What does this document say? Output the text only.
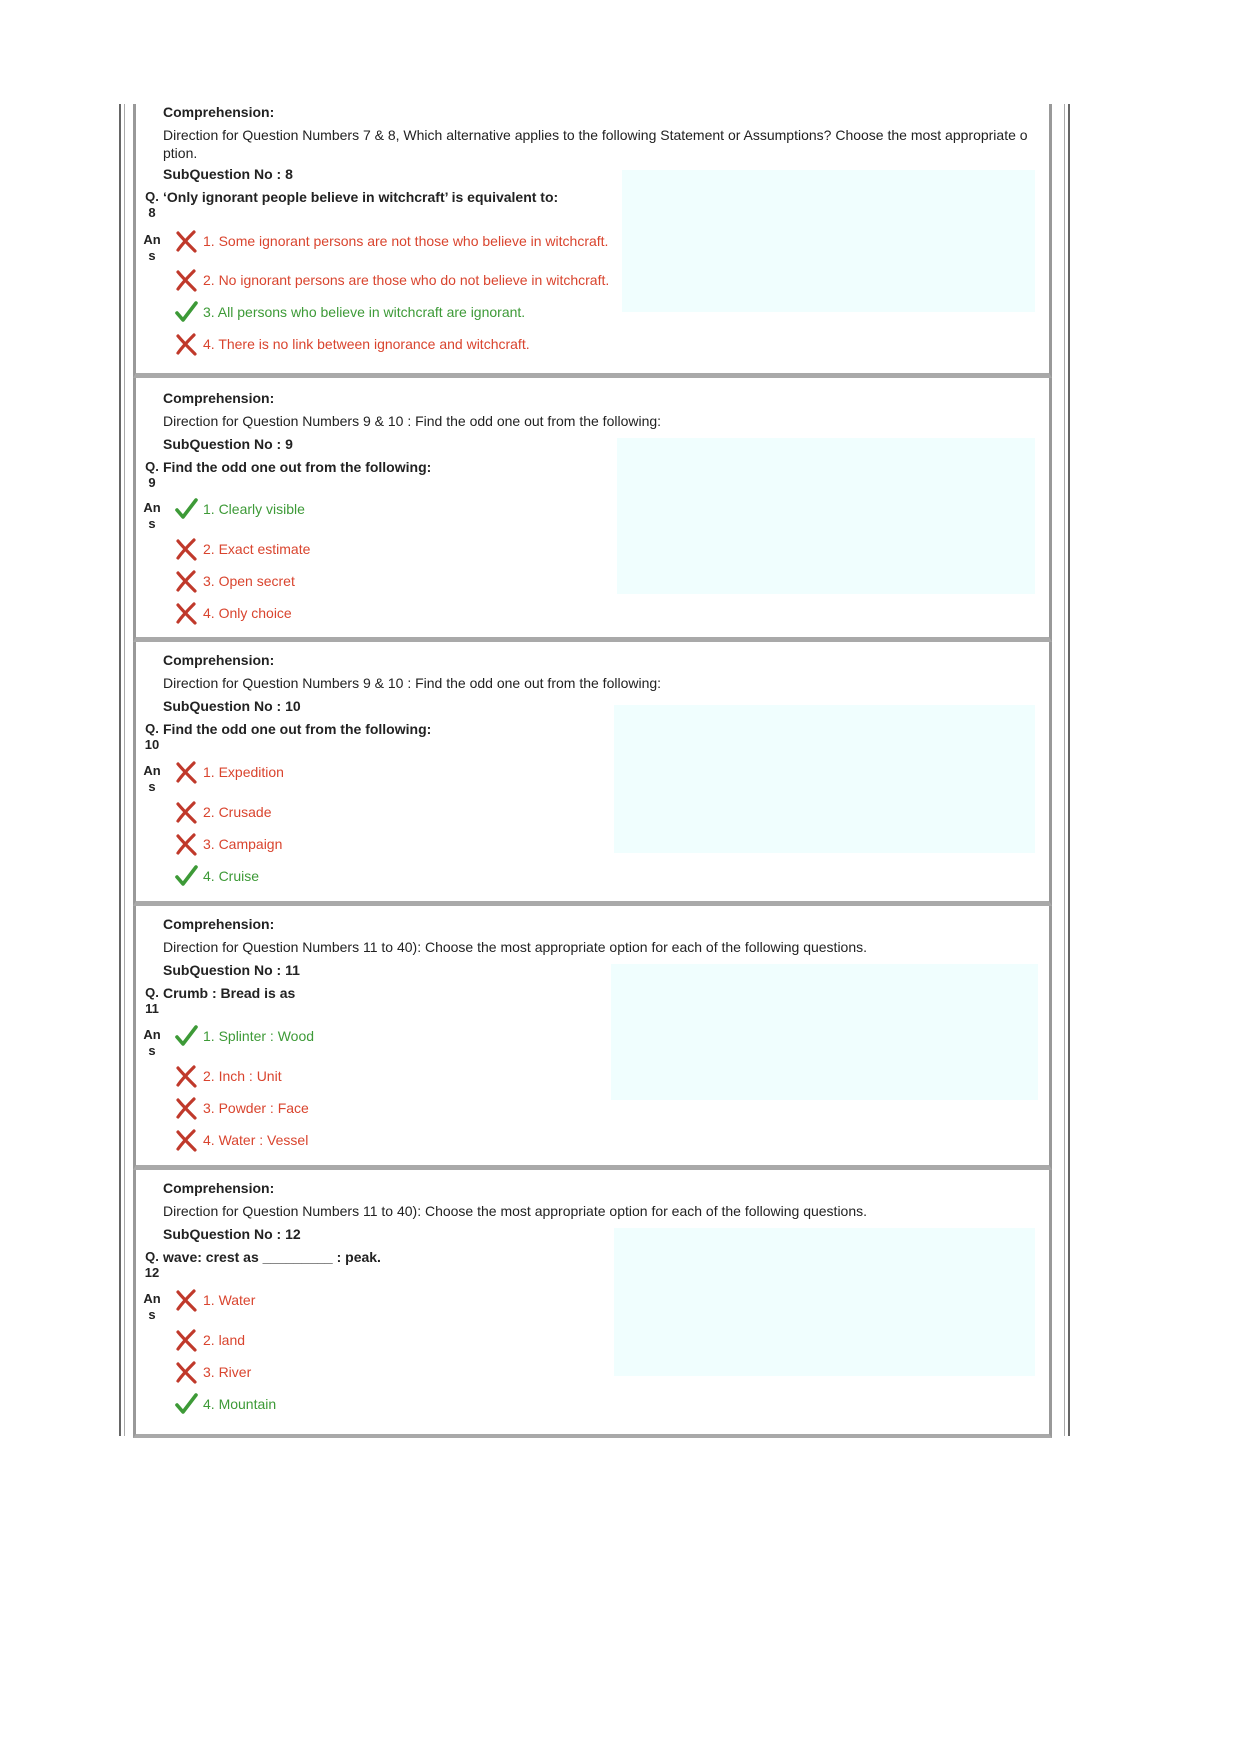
Comprehension:
Direction for Question Numbers 7 & 8, Which alternative applies to the following Statement or Assumptions? Choose the most appropriate o ption.
SubQuestion No : 8
Q.
8
‘Only ignorant people believe in witchcraft’ is equivalent to:
An
s
1. Some ignorant persons are not those who believe in witchcraft.
2. No ignorant persons are those who do not believe in witchcraft.
3. All persons who believe in witchcraft are ignorant.
4. There is no link between ignorance and witchcraft.
Comprehension:
Direction for Question Numbers 9 & 10 : Find the odd one out from the following:
SubQuestion No : 9
Q.
9
Find the odd one out from the following:
An
s
1. Clearly visible
2. Exact estimate
3. Open secret
4. Only choice
Comprehension:
Direction for Question Numbers 9 & 10 : Find the odd one out from the following:
SubQuestion No : 10
Q.
10
Find the odd one out from the following:
An
s
1. Expedition
2. Crusade
3. Campaign
4. Cruise
Comprehension:
Direction for Question Numbers 11 to 40): Choose the most appropriate option for each of the following questions.
SubQuestion No : 11
Q.
11
Crumb : Bread is as
An
s
1. Splinter : Wood
2. Inch : Unit
3. Powder : Face
4. Water : Vessel
Comprehension:
Direction for Question Numbers 11 to 40): Choose the most appropriate option for each of the following questions.
SubQuestion No : 12
Q.
12
wave: crest as _________ : peak.
An
s
1. Water
2. land
3. River
4. Mountain
